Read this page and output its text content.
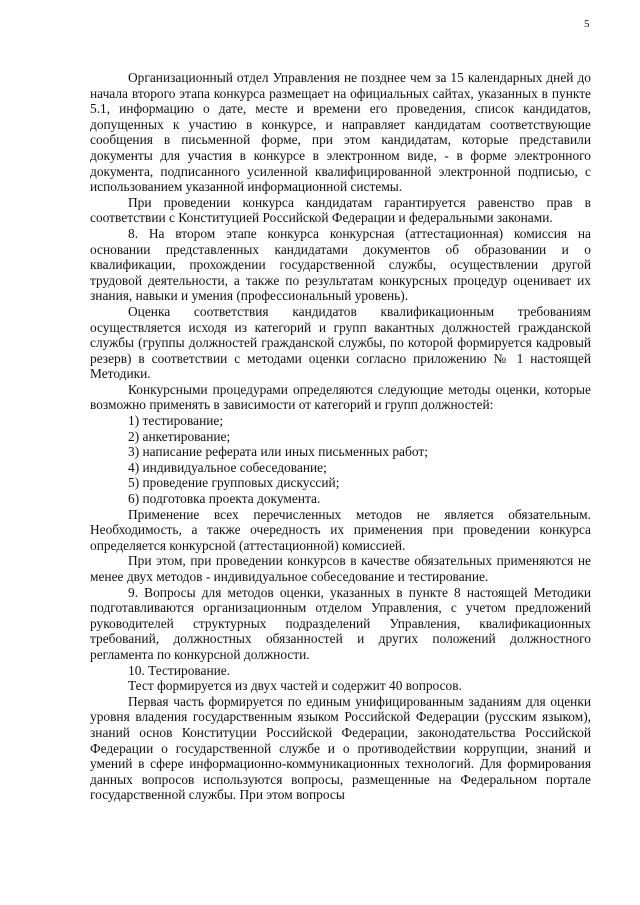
5

Организационный отдел Управления не позднее чем за 15 календарных дней до начала второго этапа конкурса размещает на официальных сайтах, указанных в пункте 5.1, информацию о дате, месте и времени его проведения, список кандидатов, допущенных к участию в конкурсе, и направляет кандидатам соответствующие сообщения в письменной форме, при этом кандидатам, которые представили документы для участия в конкурсе в электронном виде, - в форме электронного документа, подписанного усиленной квалифицированной электронной подписью, с использованием указанной информационной системы.

При проведении конкурса кандидатам гарантируется равенство прав в соответствии с Конституцией Российской Федерации и федеральными законами.

8. На втором этапе конкурса конкурсная (аттестационная) комиссия на основании представленных кандидатами документов об образовании и о квалификации, прохождении государственной службы, осуществлении другой трудовой деятельности, а также по результатам конкурсных процедур оценивает их знания, навыки и умения (профессиональный уровень).

Оценка соответствия кандидатов квалификационным требованиям осуществляется исходя из категорий и групп вакантных должностей гражданской службы (группы должностей гражданской службы, по которой формируется кадровый резерв) в соответствии с методами оценки согласно приложению № 1 настоящей Методики.

Конкурсными процедурами определяются следующие методы оценки, которые возможно применять в зависимости от категорий и групп должностей:

1) тестирование;

2) анкетирование;

3) написание реферата или иных письменных работ;

4) индивидуальное собеседование;

5) проведение групповых дискуссий;

6) подготовка проекта документа.

Применение всех перечисленных методов не является обязательным. Необходимость, а также очередность их применения при проведении конкурса определяется конкурсной (аттестационной) комиссией.

При этом, при проведении конкурсов в качестве обязательных применяются не менее двух методов - индивидуальное собеседование и тестирование.

9. Вопросы для методов оценки, указанных в пункте 8 настоящей Методики подготавливаются организационным отделом Управления, с учетом предложений руководителей структурных подразделений Управления, квалификационных требований, должностных обязанностей и других положений должностного регламента по конкурсной должности.

10. Тестирование.

Тест формируется из двух частей и содержит 40 вопросов.

Первая часть формируется по единым унифицированным заданиям для оценки уровня владения государственным языком Российской Федерации (русским языком), знаний основ Конституции Российской Федерации, законодательства Российской Федерации о государственной службе и о противодействии коррупции, знаний и умений в сфере информационно-коммуникационных технологий. Для формирования данных вопросов используются вопросы, размещенные на Федеральном портале государственной службы. При этом вопросы
